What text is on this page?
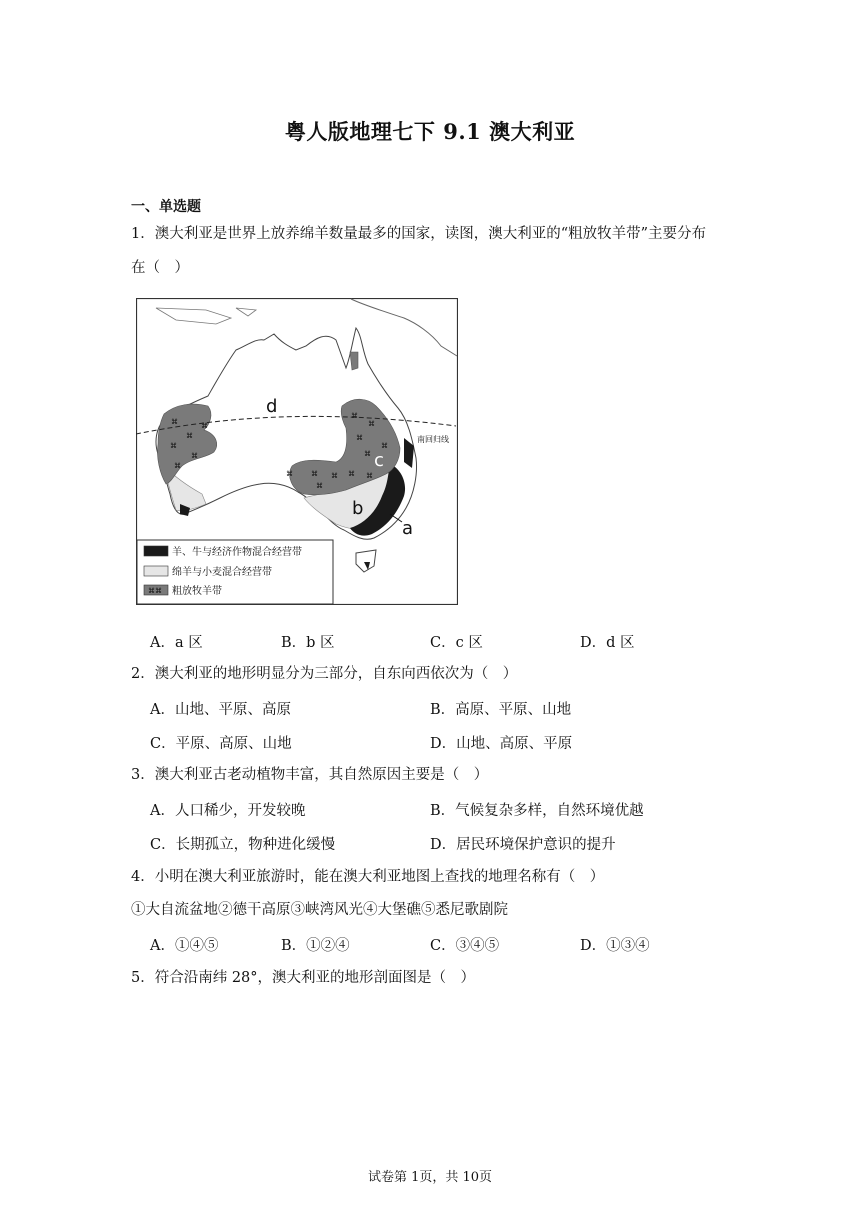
粤人版地理七下 9.1 澳大利亚
一、单选题
1．澳大利亚是世界上放养绵羊数量最多的国家，读图，澳大利亚的“粗放牧羊带”主要分布
在（　）
⌘
⌘
⌘
⌘
⌘
⌘
⌘
⌘
⌘
⌘
⌘
⌘ ⌘ ⌘
⌘
⌘
⌘
南回归线
d
c
b
a
羊、牛与经济作物混合经营带
绵羊与小麦混合经营带
⌘⌘ 粗放牧羊带
A．a 区	B．b 区	C．c 区	D．d 区
2．澳大利亚的地形明显分为三部分，自东向西依次为（　）
A．山地、平原、高原	B．高原、平原、山地
C．平原、高原、山地	D．山地、高原、平原
3．澳大利亚古老动植物丰富，其自然原因主要是（　）
A．人口稀少，开发较晚	B．气候复杂多样，自然环境优越
C．长期孤立，物种进化缓慢	D．居民环境保护意识的提升
4．小明在澳大利亚旅游时，能在澳大利亚地图上查找的地理名称有（　）
①大自流盆地②德干高原③峡湾风光④大堡礁⑤悉尼歌剧院
A．①④⑤	B．①②④	C．③④⑤	D．①③④
5．符合沿南纬 28°，澳大利亚的地形剖面图是（　）
试卷第 1页，共 10页
